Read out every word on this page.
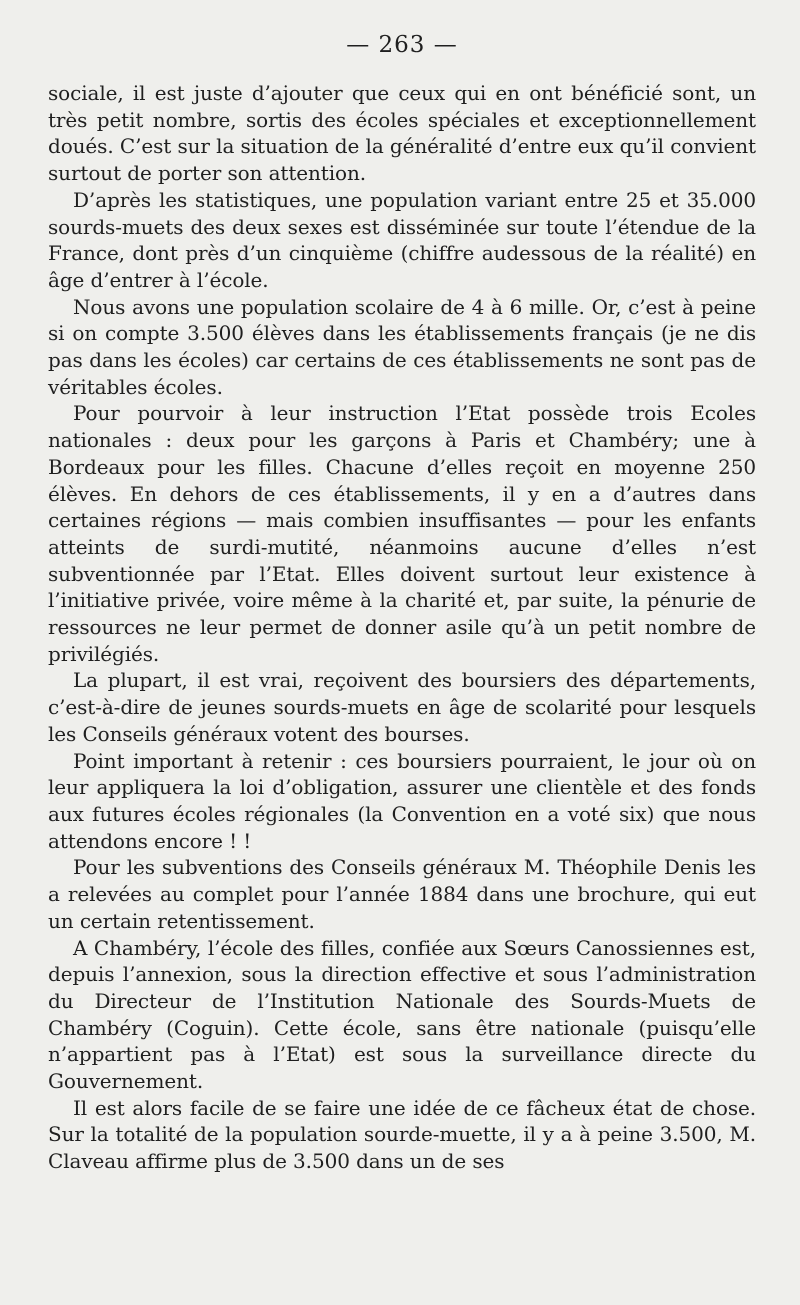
— 263 —

sociale, il est juste d’ajouter que ceux qui en ont bénéficié sont, un très petit nombre, sortis des écoles spéciales et exceptionnellement doués. C’est sur la situation de la généralité d’entre eux qu’il convient surtout de porter son attention.

D’après les statistiques, une population variant entre 25 et 35.000 sourds-muets des deux sexes est disséminée sur toute l’étendue de la France, dont près d’un cinquième (chiffre audessous de la réalité) en âge d’entrer à l’école.

Nous avons une population scolaire de 4 à 6 mille. Or, c’est à peine si on compte 3.500 élèves dans les établissements français (je ne dis pas dans les écoles) car certains de ces établissements ne sont pas de véritables écoles.

Pour pourvoir à leur instruction l’Etat possède trois Ecoles nationales : deux pour les garçons à Paris et Chambéry; une à Bordeaux pour les filles. Chacune d’elles reçoit en moyenne 250 élèves. En dehors de ces établissements, il y en a d’autres dans certaines régions — mais combien insuffisantes — pour les enfants atteints de surdi-mutité, néanmoins aucune d’elles n’est subventionnée par l’Etat. Elles doivent surtout leur existence à l’initiative privée, voire même à la charité et, par suite, la pénurie de ressources ne leur permet de donner asile qu’à un petit nombre de privilégiés.

La plupart, il est vrai, reçoivent des boursiers des départements, c’est-à-dire de jeunes sourds-muets en âge de scolarité pour lesquels les Conseils généraux votent des bourses.

Point important à retenir : ces boursiers pourraient, le jour où on leur appliquera la loi d’obligation, assurer une clientèle et des fonds aux futures écoles régionales (la Convention en a voté six) que nous attendons encore ! !

Pour les subventions des Conseils généraux M. Théophile Denis les a relevées au complet pour l’année 1884 dans une brochure, qui eut un certain retentissement.

A Chambéry, l’école des filles, confiée aux Sœurs Canossiennes est, depuis l’annexion, sous la direction effective et sous l’administration du Directeur de l’Institution Nationale des Sourds-Muets de Chambéry (Coguin). Cette école, sans être nationale (puisqu’elle n’appartient pas à l’Etat) est sous la surveillance directe du Gouvernement.

Il est alors facile de se faire une idée de ce fâcheux état de chose. Sur la totalité de la population sourde-muette, il y a à peine 3.500, M. Claveau affirme plus de 3.500 dans un de ses
